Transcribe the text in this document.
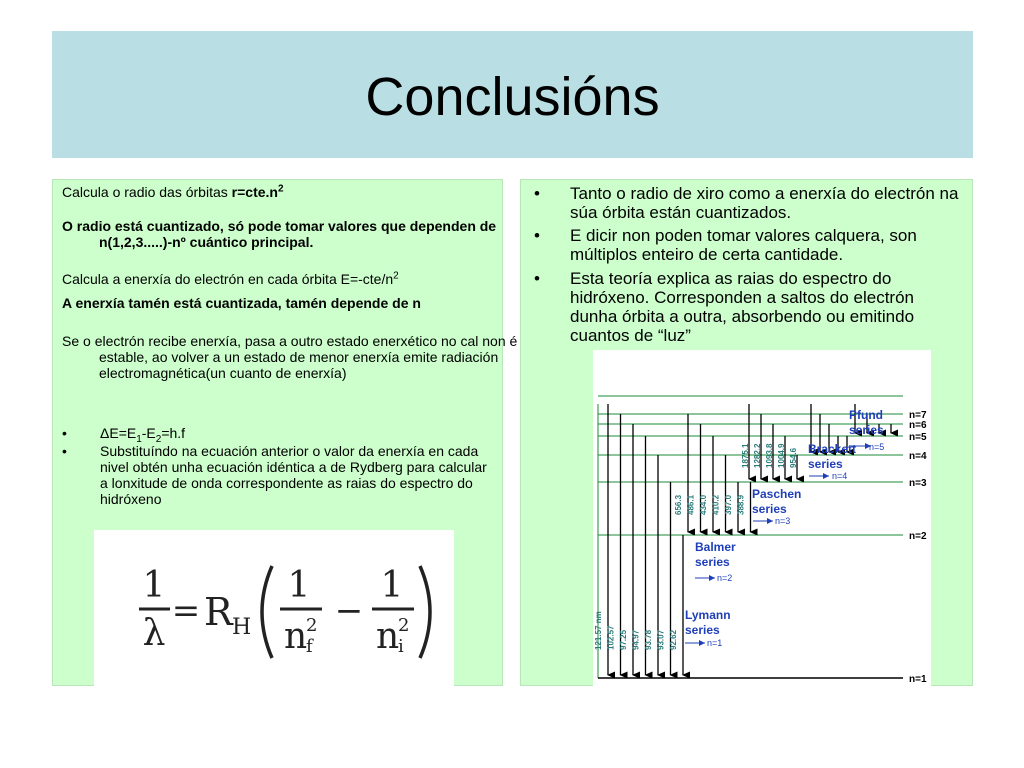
Conclusións
Calcula o radio das órbitas $r=cte.n^2$
O radio está cuantizado, só pode tomar valores que dependen de n(1,2,3.....)-nº cuántico principal.
Calcula a enerxía do electrón en cada órbita $E=-cte/n^2$
A enerxía tamén está cuantizada, tamén depende de n
Se o electrón recibe enerxía, pasa a outro estado enerxético no cal non é estable, ao volver a un estado de menor enerxía emite radiación electromagnética(un cuanto de enerxía)
•	$\Delta E=E_1-E_2=h.f$
•	Substituíndo na ecuación anterior o valor da enerxía en cada nivel obtén unha ecuación idéntica a de Rydberg para calcular a lonxitude de onda correspondente as raias do espectro do hidróxeno
1
λ
= R H
1
n
2
f
−
1
n
2
i
•	Tanto o radio de xiro como a enerxía do electrón na súa órbita están cuantizados.
•	E dicir non poden tomar valores calquera, son múltiplos enteiro de certa cantidade.
•	Esta teoría explica as raias do espectro do hidróxeno. Corresponden a saltos do electrón dunha órbita a outra, absorbendo ou emitindo cuantos de “luz”
n=1
n=2
n=3
n=4
n=5
n=6
n=7
121.57 nm 102.57 97.25 94.97 93.78 93.07 92.62
656.3 486.1 434.0 410.2 397.0 388.9
1875.1 1282.2 1093.8 1004.9 954.6
Pfund
series
n=5
Brackett
series
n=4
Paschen
series
n=3
Balmer
series
n=2
Lymann
series
n=1
